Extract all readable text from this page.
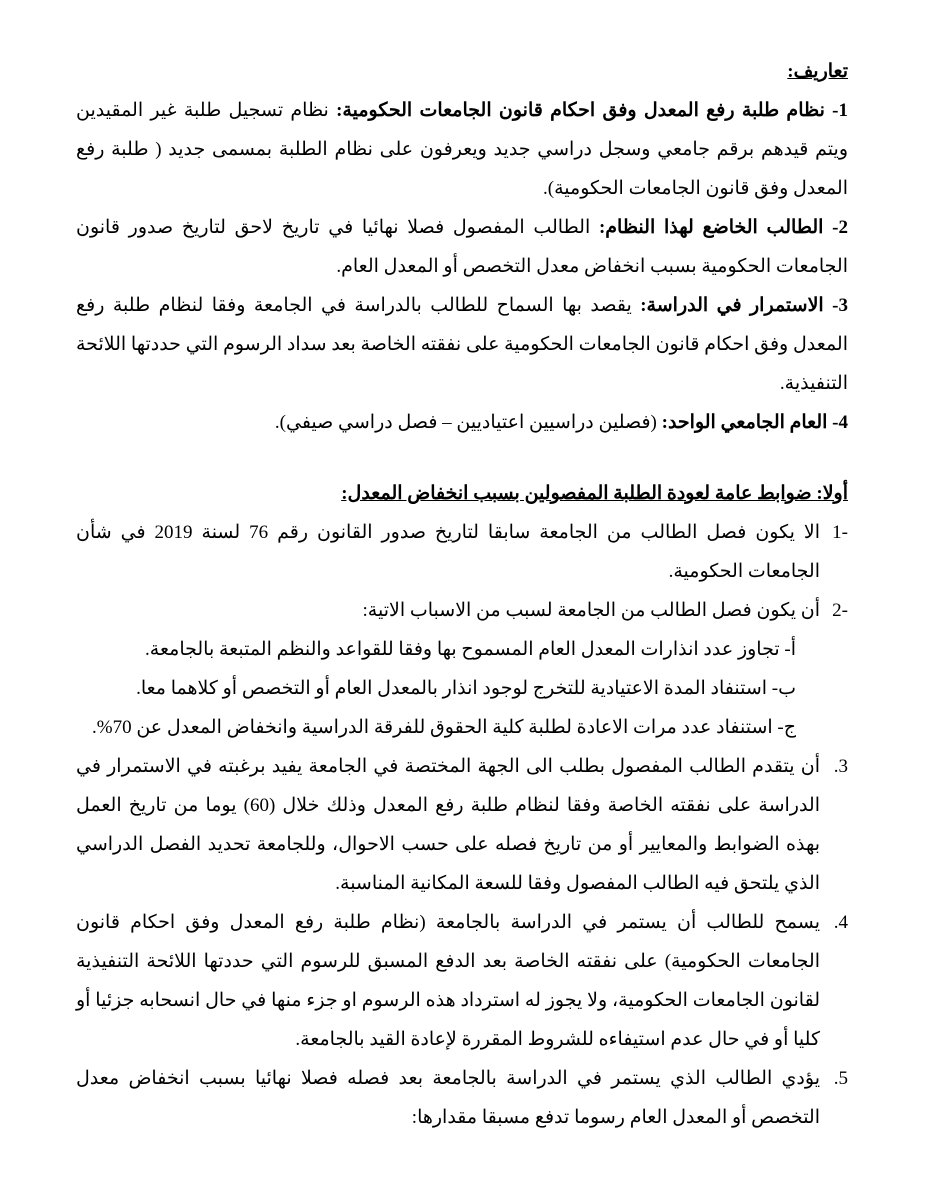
تعاريف:
1- نظام طلبة رفع المعدل وفق احكام قانون الجامعات الحكومية: نظام تسجيل طلبة غير المقيدين ويتم قيدهم برقم جامعي وسجل دراسي جديد ويعرفون على نظام الطلبة بمسمى جديد ( طلبة رفع المعدل وفق قانون الجامعات الحكومية).
2- الطالب الخاضع لهذا النظام: الطالب المفصول فصلا نهائيا في تاريخ لاحق لتاريخ صدور قانون الجامعات الحكومية بسبب انخفاض معدل التخصص أو المعدل العام.
3- الاستمرار في الدراسة: يقصد بها السماح للطالب بالدراسة في الجامعة وفقا لنظام طلبة رفع المعدل وفق احكام قانون الجامعات الحكومية على نفقته الخاصة بعد سداد الرسوم التي حددتها اللائحة التنفيذية.
4- العام الجامعي الواحد: (فصلين دراسيين اعتياديين – فصل دراسي صيفي).
أولا: ضوابط عامة لعودة الطلبة المفصولين بسبب انخفاض المعدل:
-1
الا يكون فصل الطالب من الجامعة سابقا لتاريخ صدور القانون رقم 76 لسنة 2019 في شأن الجامعات الحكومية.
-2
أن يكون فصل الطالب من الجامعة لسبب من الاسباب الاتية:
أ- تجاوز عدد انذارات المعدل العام المسموح بها وفقا للقواعد والنظم المتبعة بالجامعة.
ب- استنفاد المدة الاعتيادية للتخرج لوجود انذار بالمعدل العام أو التخصص أو كلاهما معا.
ج- استنفاد عدد مرات الاعادة لطلبة كلية الحقوق للفرقة الدراسية وانخفاض المعدل عن 70%.
3.
أن يتقدم الطالب المفصول بطلب الى الجهة المختصة في الجامعة يفيد برغبته في الاستمرار في الدراسة على نفقته الخاصة وفقا لنظام طلبة رفع المعدل وذلك خلال (60) يوما من تاريخ العمل بهذه الضوابط والمعايير أو من تاريخ فصله على حسب الاحوال، وللجامعة تحديد الفصل الدراسي الذي يلتحق فيه الطالب المفصول وفقا للسعة المكانية المناسبة.
4.
يسمح للطالب أن يستمر في الدراسة بالجامعة (نظام طلبة رفع المعدل وفق احكام قانون الجامعات الحكومية) على نفقته الخاصة بعد الدفع المسبق للرسوم التي حددتها اللائحة التنفيذية لقانون الجامعات الحكومية، ولا يجوز له استرداد هذه الرسوم او جزء منها في حال انسحابه جزئيا أو كليا أو في حال عدم استيفاءه للشروط المقررة لإعادة القيد بالجامعة.
5.
يؤدي الطالب الذي يستمر في الدراسة بالجامعة بعد فصله فصلا نهائيا بسبب انخفاض معدل التخصص أو المعدل العام رسوما تدفع مسبقا مقدارها:
